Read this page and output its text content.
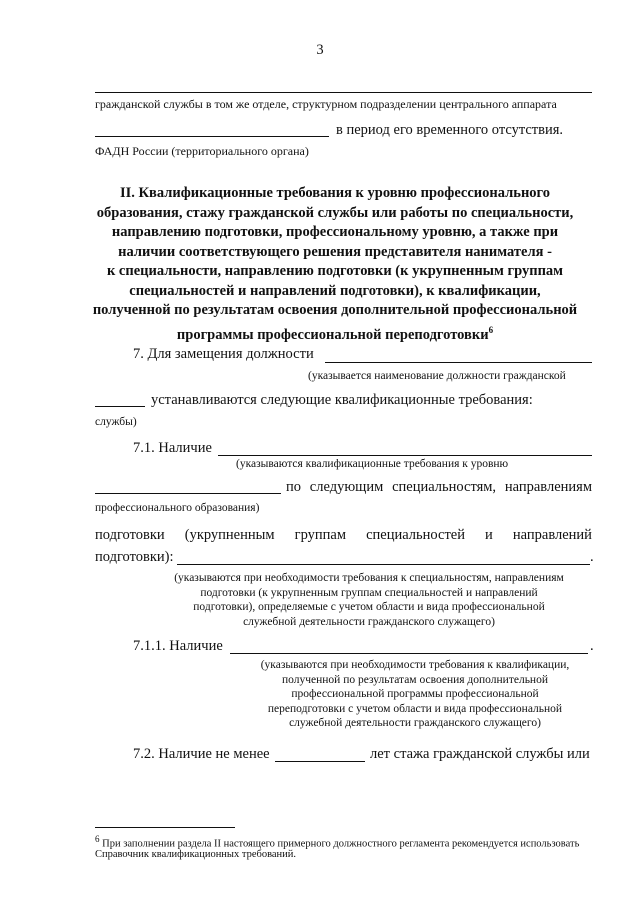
3
гражданской службы в том же отделе, структурном подразделении центрального аппарата
в период его временного отсутствия.
ФАДН России (территориального органа)
II. Квалификационные требования к уровню профессионального
образования, стажу гражданской службы или работы по специальности,
направлению подготовки, профессиональному уровню, а также при
наличии соответствующего решения представителя нанимателя -
к специальности, направлению подготовки (к укрупненным группам
специальностей и направлений подготовки), к квалификации,
полученной по результатам освоения дополнительной профессиональной
программы профессиональной переподготовки$^6$
7. Для замещения должности
(указывается наименование должности гражданской
устанавливаются следующие квалификационные требования:
службы)
7.1. Наличие
(указываются квалификационные требования к уровню
по следующим специальностям, направлениям
профессионального образования)
подготовки (укрупненным группам специальностей и направлений
подготовки):	.
(указываются при необходимости требования к специальностям, направлениям
подготовки (к укрупненным группам специальностей и направлений
подготовки), определяемые с учетом области и вида профессиональной
служебной деятельности гражданского служащего)
7.1.1. Наличие	.
(указываются при необходимости требования к квалификации,
полученной по результатам освоения дополнительной
профессиональной программы профессиональной
переподготовки с учетом области и вида профессиональной
служебной деятельности гражданского служащего)
7.2. Наличие не менее	лет стажа гражданской службы или
$^6$ При заполнении раздела II настоящего примерного должностного регламента рекомендуется использовать
Справочник квалификационных требований.
